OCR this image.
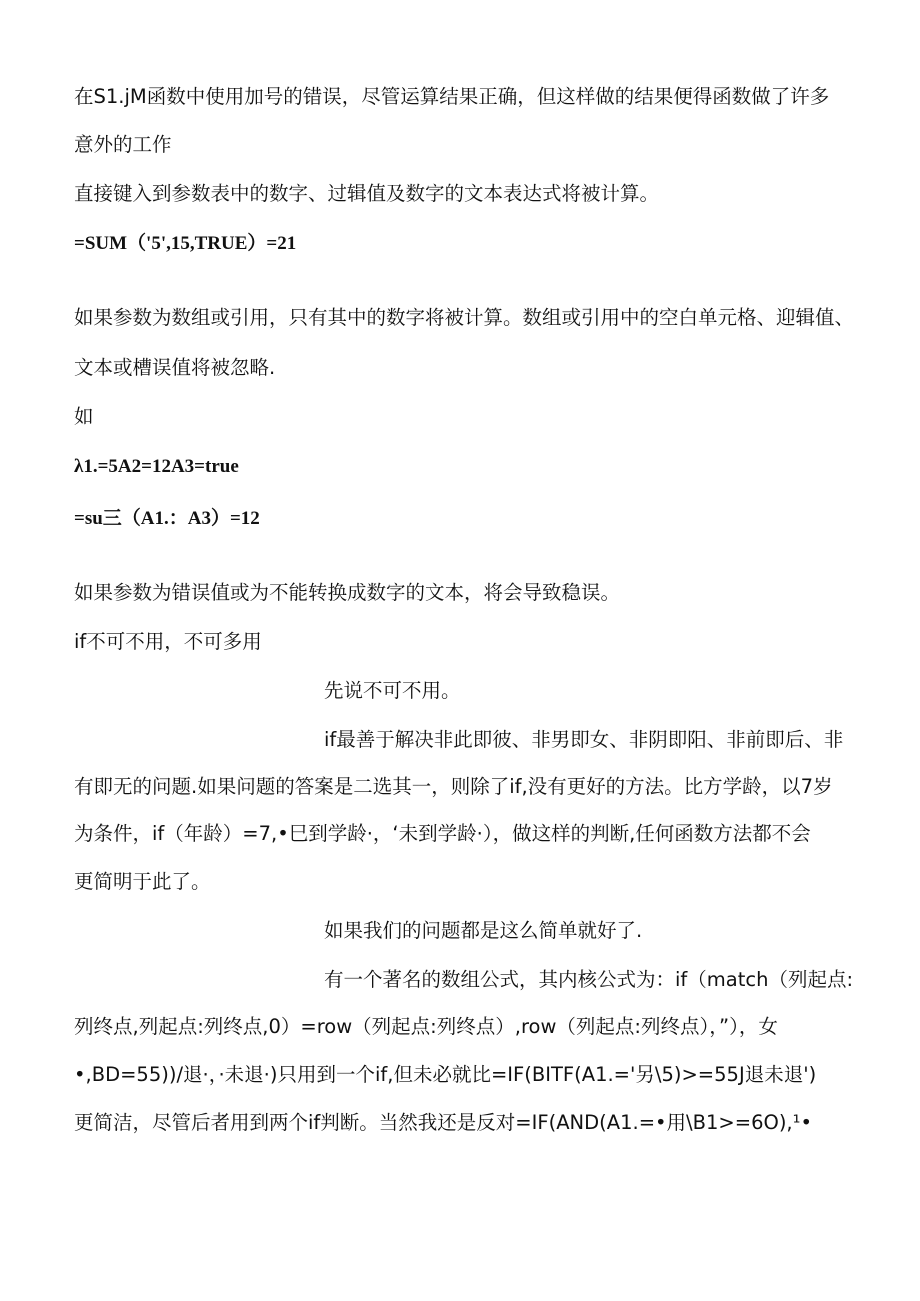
在S1.jM函数中使用加号的错误，尽管运算结果正确，但这样做的结果便得函数做了许多

意外的工作

直接键入到参数表中的数字、过辑值及数字的文本表达式将被计算。

=SUM（'5',15,TRUE）=21

如果参数为数组或引用，只有其中的数字将被计算。数组或引用中的空白单元格、迎辑值、

文本或槽误值将被忽略.

如

λ1.=5A2=12A3=true

=su三（A1.：A3）=12

如果参数为错误值或为不能转换成数字的文本，将会导致稳误。

if不可不用，不可多用

先说不可不用。

if最善于解决非此即彼、非男即女、非阴即阳、非前即后、非

有即无的问题.如果问题的答案是二选其一，则除了if,没有更好的方法。比方学龄，以7岁

为条件，if（年龄）=7,•巳到学龄·，‘未到学龄·），做这样的判断,任何函数方法都不会

更简明于此了。

如果我们的问题都是这么简单就好了.

有一个著名的数组公式，其内核公式为：if（match（列起点:

列终点,列起点:列终点,0）=row（列起点:列终点）,row（列起点:列终点），”），女

•,BD=55))/退·，·未退·)只用到一个if,但未必就比=IF(BITF(A1.='另\5)>=55J退未退')

更简洁，尽管后者用到两个if判断。当然我还是反对=IF(AND(A1.=•用\B1>=6O),¹•
